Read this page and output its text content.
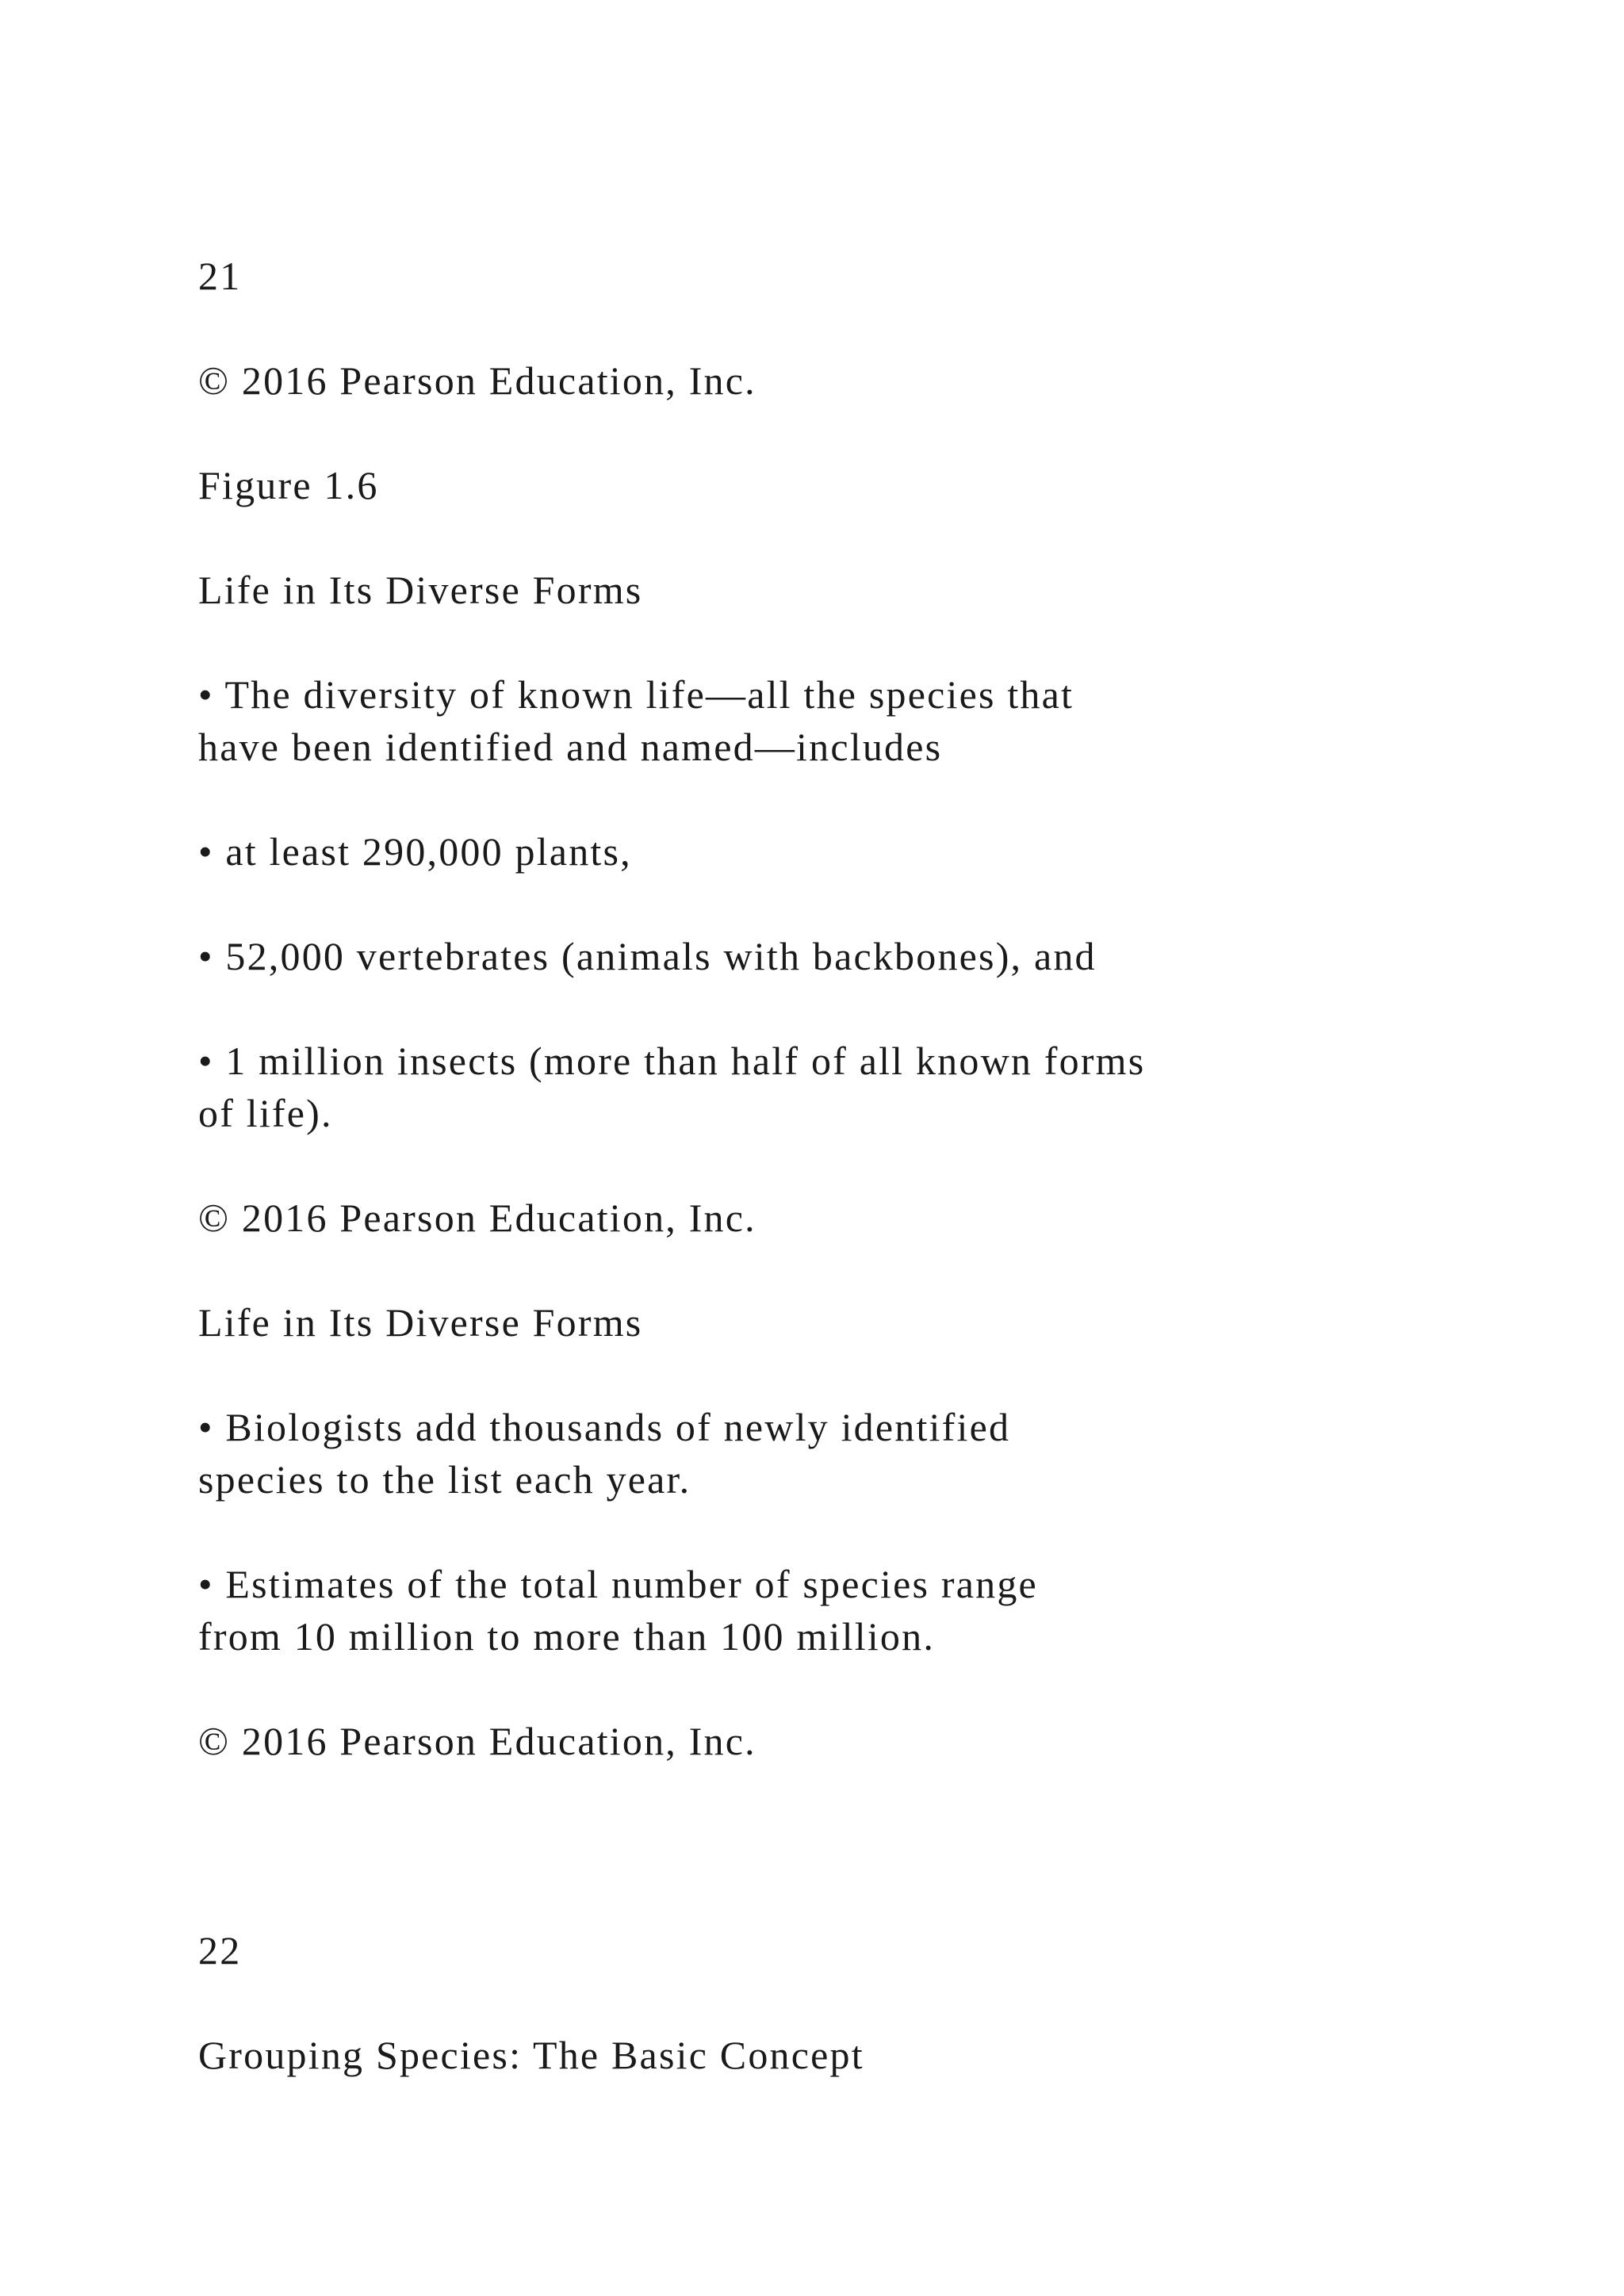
21

© 2016 Pearson Education, Inc.

Figure 1.6

Life in Its Diverse Forms

• The diversity of known life—all the species that

have been identified and named—includes

• at least 290,000 plants,

• 52,000 vertebrates (animals with backbones), and

• 1 million insects (more than half of all known forms

of life).

© 2016 Pearson Education, Inc.

Life in Its Diverse Forms

• Biologists add thousands of newly identified

species to the list each year.

• Estimates of the total number of species range

from 10 million to more than 100 million.

© 2016 Pearson Education, Inc.

22

Grouping Species: The Basic Concept
